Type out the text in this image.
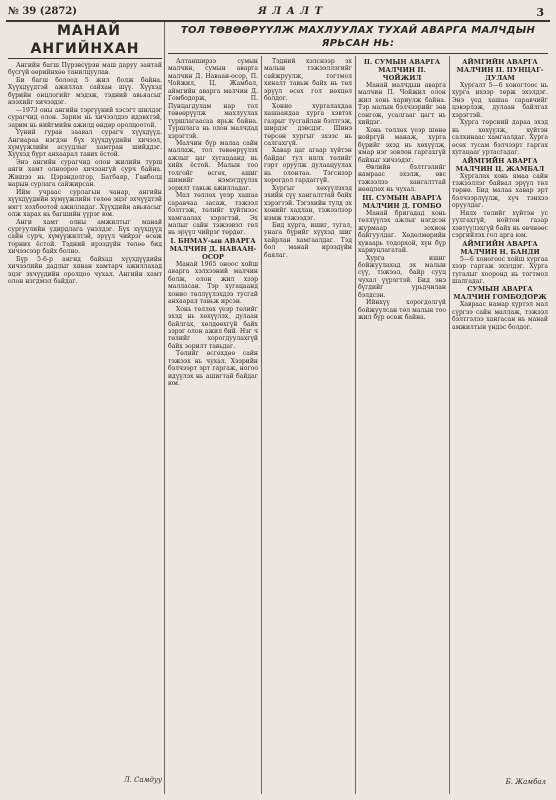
№ 39 (2872)	Я Л А Л Т	3

МАНАЙ АНГИЙНХАН

Ангийн багш Пүрэвсүрэн маш даруу зантай бүсгүй өөрийнхөө танилцуулав.

Би багш болоод 5 жил болж байна. Хүүхдүүдтэй ажиллах сайхан шүү. Хүүхэд бүрийн онцлогийг мэдэж, тэдний авьяасыг нээхийг хичээдэг.

—1973 оны ангийн тэргүүний хэсэгт шилдэг сурагчид олон. Зарим нь хичээлдээ идэвхтэй, зарим нь нийгмийн ажилд өндөр оролцоотой.

Үүний гурав заавал сурагч хүүхдүүд. Ангиараа нэгдэн бүх хүүхдүүдийн хичээл, хүмүүжлийн асуудлыг хамтран шийддэг. Хүүхэд бүрт анхаарал тавих ёстой.

Энэ ангийн сурагчид олон жилийн турш анги хамт олноороо хичээнгүй сурч байна. Жишээ нь Цэрэндолгор, Батбаяр, Ганболд нарын сурлага сайжирсан.

Ийм учраас сурлагын чанар, ангийн хүүхдүүдийн хүмүүжлийн төлөө эцэг эхчүүдтэй нягт холбоотой ажилладаг. Хүүхдийн авьяасыг олж харах нь багшийн үүрэг юм.

Анги хамт олны амжилтыг манай сургуулийн удирдлага үнэлдэг. Бүх хүүхдүүд сайн сурч, хүмүүжилтэй, эрүүл чийрэг өсөж торних ёстой. Тэдний ирээдүйн төлөө бид хичээсээр байх болно.

Бүр 5-6-р ангид байхад хүүхдүүдийн хичээлийн дадлыг хянан хамтарч ажиллахад эцэг эхчүүдийн оролцоо чухал. Ангийн хамт олон нэгдмэл байдаг.

Л. Самдуу
ТОЛ ТӨВӨӨРҮҮЛЖ МАХЛУУЛАХ ТУХАЙ АВАРГА МАЛЧДЫН ЯРЬСАН НЬ:

Алтанширээ сумын малчин, сумын аварга малчин Д. Наваан-осор, П. Чойжил, Ц. Жамбал, аймгийн аварга малчин Д. Гомбодорж, П. Пунцагдулам нар тол төвөөрүүлж махлуулах туршлагаасаа ярьж байна. Туршлага нь олон малчдад хэрэгтэй.

Малчин бүр малаа сайн маллаж, тол төвөөрүүлэх ажлыг цаг хугацаанд нь хийх ёстой. Малын тоо толгойг өсгөх, ашиг шимийг нэмэгдүүлэх зорилт тавьж ажилладаг.

Мал төллөх үеэр хашаа саравчаа засаж, тэжээл бэлтгэж, төлийг хүйтнээс хамгаалах хэрэгтэй. Эх малыг сайн тэжээвэл төл нь эрүүл чийрэг төрдөг.

I. БНМАУ-ын АВАРГА МАЛЧИН Д. НАВААН-ОСОР

Манай 1965 оноос хойш аварга хэлхээний малчин болж, олон жил хээр малласан. Тэр хугацаанд хонио төллүүлэхдээ тусгай анхаарал тавьж ирсэн.

Хонь төллөх үеэр төлийг эхэд нь хөхүүлэх, дулаан байлгах, хөлдөөхгүй байх зэрэг олон ажил бий. Нэг ч төлийг хорогдуулахгүй байх зорилт тавьдаг.

Төлийг өсгөхдөө сайн тэжээх нь чухал. Хээрийн бэлчээрт эрт гаргаж, ногоо идүүлэх нь ашигтай байдаг юм.

Тэдний хэлснээр эх малын тэжээллэгийг сайжруулж, тогтмол хяналт тавьж байх нь төл эрүүл өсөх гол нөхцөл болдог.

Хонио хургалахдаа хашаандаа хурга хэвтэх газрыг тусгайлан бэлтгэж, ширдэг дэвсдэг. Шинэ төрсөн хургыг эхээс нь салгахгүй.

Хавар цаг агаар хүйтэн байдаг тул нялх төлийг гэрт оруулж дулаацуулах нь олонтаа. Тэгснээр хорогдол гардаггүй.

Хургыг хөхүүлэхэд эхийн сүү хангалттай байх хэрэгтэй. Тэгэхийн тулд эх хонийг хадлан, тэжээлээр нэмж тэжээдэг.

Бид хурга, ишиг, тугал, унага бүрийг хүүхэд шиг хайрлан хамгаалдаг. Тэд бол манай ирээдүйн баялаг.

II. СУМЫН АВАРГА МАЛЧИН П. ЧОЙЖИЛ

Манай малчдын аварга малчин П. Чойжил олон жил хонь хариулж байна. Тэр малын бэлчээрийг зөв сонгож, усалгааг цагт нь хийдэг.

Хонь төллөх үеэр шөнө нойргүй манаж, хурга бүрийг эхэд нь хөхүүлж, ямар нэг зовлон гаргахгүй байхыг хичээдэг.

Өвлийн бэлтгэлийг намраас эхэлж, өвс тэжээлээ хангалттай нөөцлөх нь чухал.

III. СУМЫН АВАРГА МАЛЧИН Д. ГОМБО

Манай бригадад хонь төллүүлэх ажлыг нэгдсэн журмаар зохион байгуулдаг. Хөдөлмөрийн хуваарь тодорхой, хүн бүр хариуцлагатай.

Хурга ишиг бойжуулахад эх малын сүү, тэжээл, байр сууц чухал үүрэгтэй. Бид энэ бүгдийг урьдчилан бэлдсэн.

Ийнхүү хорогдолгүй бойжуулсан төл малын тоо жил бүр өсөж байна.

АЙМГИЙН АВАРГА МАЛЧИН П. ПУНЦАГ-ДУЛАМ

Хургалт 5—6 хоногтоос нь хурга ихээр төрж эхэлдэг. Энэ үед хашаа саравчийг цэвэрлэж, дулаан байлгах хэрэгтэй.

Хурга төрсний дараа эхэд нь хөхүүлж, хүйтэн салхинаас хамгаалдаг. Хурга өсөх тусам бэлчээрт гаргах хугацааг уртасгадаг.

АЙМГИЙН АВАРГА МАЛЧИН Ц. ЖАМБАЛ

Хургалах хонь ямаа сайн тэжээллэг байвал эрүүл төл төрнө. Бид малаа хавар эрт бэлчээрлүүлж, хүч тэнхээ оруулдаг.

Нялх төлийг хүйтэн ус уулгахгүй, нойтон газар хэвтүүлэхгүй байх нь өвчнөөс сэргийлэх гол арга юм.

АЙМГИЙН АВАРГА МАЛЧИН Н. БАНДИ

5—6 хоногоос хойш хургаа хээр гаргаж эхэлдэг. Хурга тугалыг хооронд нь тогтмол шалгадаг.

СУМЫН АВАРГА МАЛЧИН ГОМБОДОРЖ

Хавраас намар хүртэл мал сүргээ сайн маллаж, тэжээл бэлтгэлээ хангасан нь манай амжилтын үндэс болдог.

Б. Жамбал
